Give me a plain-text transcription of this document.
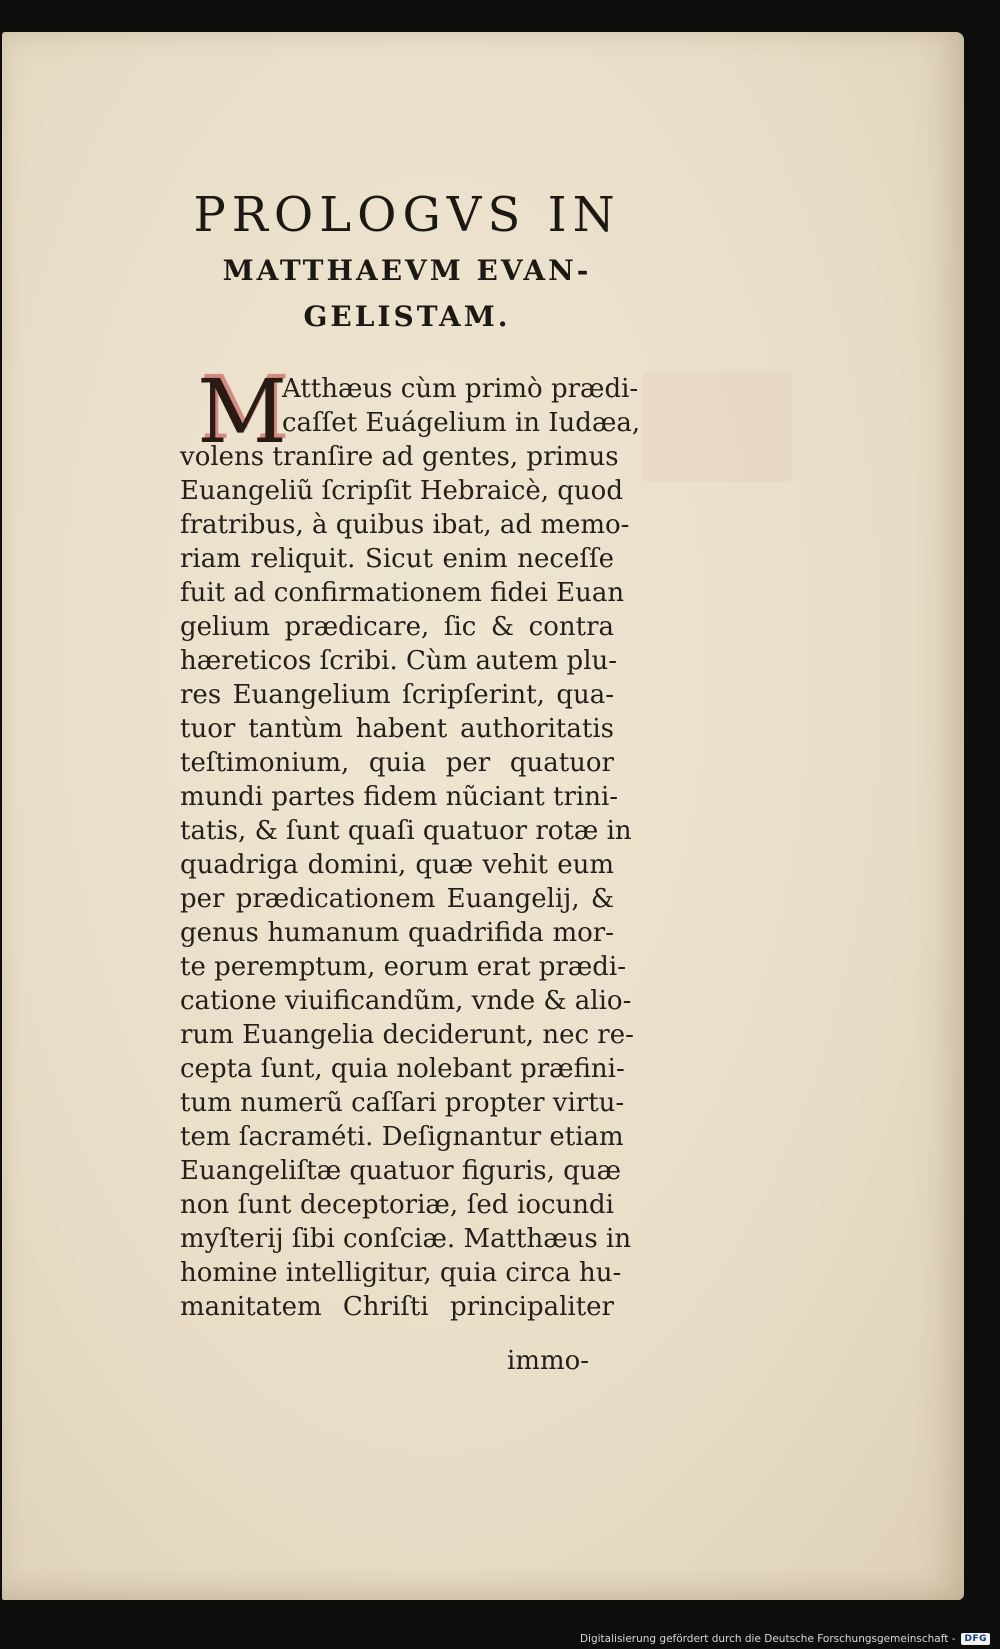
PROLOGVS IN
MATTHAEVM EVAN-
GELISTAM.
M
Atthæus cùm primò prædi-
caſſet Euágelium in Iudæa,
volens tranſire ad gentes, primus
Euangeliũ ſcripſit Hebraicè, quod
fratribus, à quibus ibat, ad memo-
riam reliquit. Sicut enim neceſſe
fuit ad confirmationem fidei Euan
gelium prædicare, ſic & contra
hæreticos ſcribi. Cùm autem plu-
res Euangelium ſcripſerint, qua-
tuor tantùm habent authoritatis
teſtimonium, quia per quatuor
mundi partes fidem nũciant trini-
tatis, & ſunt quaſi quatuor rotæ in
quadriga domini, quæ vehit eum
per prædicationem Euangelij, &
genus humanum quadrifida mor-
te peremptum, eorum erat prædi-
catione viuificandũm, vnde & alio-
rum Euangelia deciderunt, nec re-
cepta ſunt, quia nolebant præfini-
tum numerũ caſſari propter virtu-
tem ſacraméti. Deſignantur etiam
Euangeliſtæ quatuor figuris, quæ
non ſunt deceptoriæ, ſed iocundi
myſterij ſibi conſciæ. Matthæus in
homine intelligitur, quia circa hu-
manitatem Chriſti principaliter
immo-
Digitalisierung gefördert durch die Deutsche Forschungsgemeinschaft -	DFG
